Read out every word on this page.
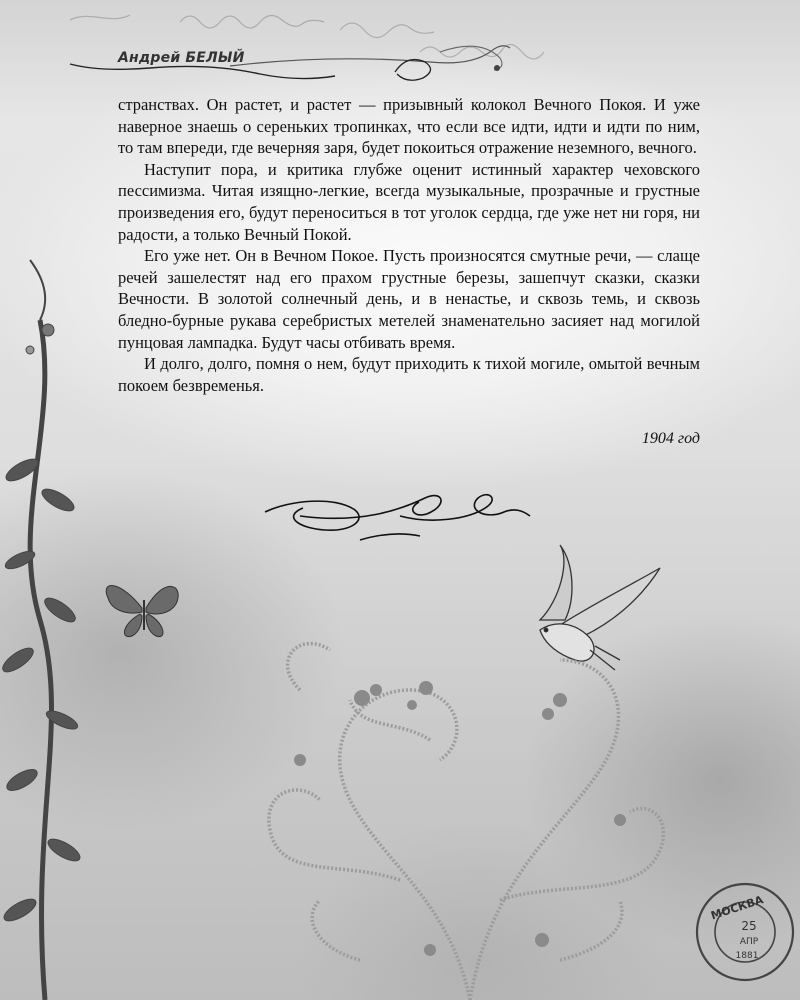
Андрей БЕЛЫЙ

странствах. Он растет, и растет — призывный колокол Вечного Покоя. И уже наверное знаешь о сереньких тропинках, что если все идти, идти и идти по ним, то там впереди, где вечерняя заря, будет покоиться отражение неземного, вечного.

Наступит пора, и критика глубже оценит истинный характер чеховского пессимизма. Читая изящно-легкие, всегда музыкальные, прозрачные и грустные произведения его, будут переноситься в тот уголок сердца, где уже нет ни горя, ни радости, а только Вечный Покой.

Его уже нет. Он в Вечном Покое. Пусть произносятся смутные речи, — слаще речей зашелестят над его прахом грустные березы, зашепчут сказки, сказки Вечности. В золотой солнечный день, и в ненастье, и сквозь темь, и сквозь бледно-бурные рукава серебристых метелей знаменательно засияет над могилой пунцовая лампадка. Будут часы отбивать время.

И долго, долго, помня о нем, будут приходить к тихой могиле, омытой вечным покоем безвременья.

1904 год
МОСКВА
25
АПР
1881
